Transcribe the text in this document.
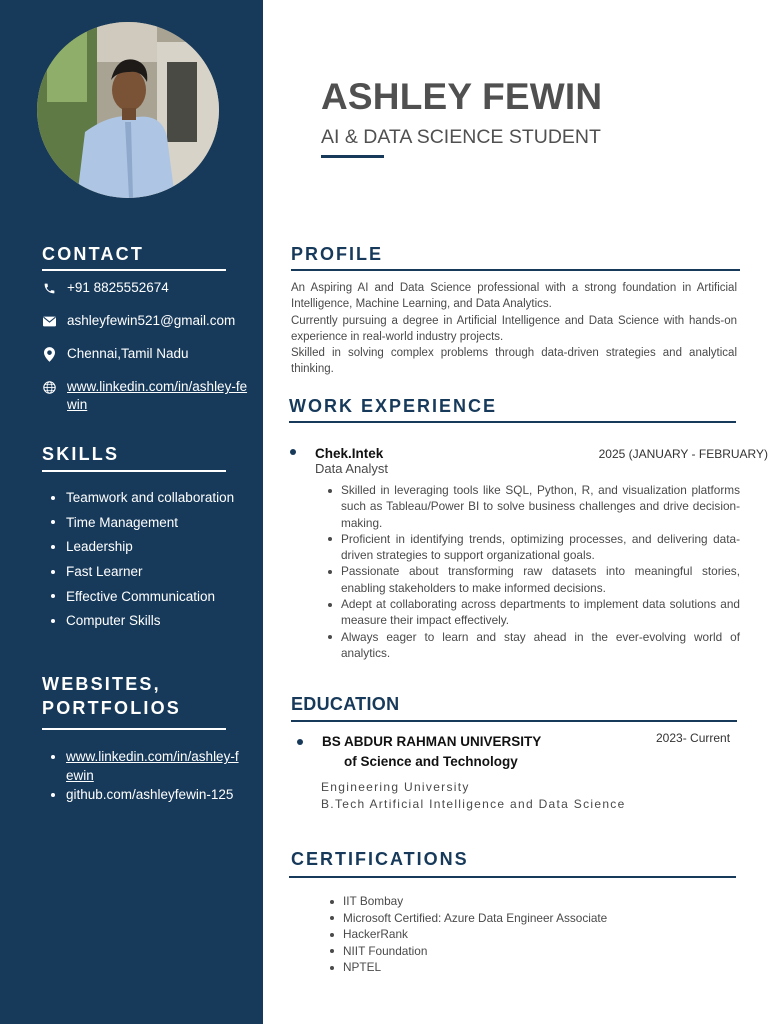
CONTACT
+91 8825552674
ashleyfewin521@gmail.com
Chennai,Tamil Nadu
www.linkedin.com/in/ashley-fewin
SKILLS
Teamwork and collaboration
Time Management
Leadership
Fast Learner
Effective Communication
Computer Skills
WEBSITES,
PORTFOLIOS
www.linkedin.com/in/ashley-fewin
github.com/ashleyfewin-125
ASHLEY FEWIN
AI & DATA SCIENCE STUDENT
PROFILE

An Aspiring AI and Data Science professional with a strong foundation in Artificial Intelligence, Machine Learning, and Data Analytics.

Currently pursuing a degree in Artificial Intelligence and Data Science with hands-on experience in real-world industry projects.

Skilled in solving complex problems through data-driven strategies and analytical thinking.

WORK EXPERIENCE
Chek.Intek
Data Analyst
2025 (JANUARY - FEBRUARY)
Skilled in leveraging tools like SQL, Python, R, and visualization platforms such as Tableau/Power BI to solve business challenges and drive decision-making.
Proficient in identifying trends, optimizing processes, and delivering data-driven strategies to support organizational goals.
Passionate about transforming raw datasets into meaningful stories, enabling stakeholders to make informed decisions.
Adept at collaborating across departments to implement data solutions and measure their impact effectively.
Always eager to learn and stay ahead in the ever-evolving world of analytics.
EDUCATION
BS ABDUR RAHMAN UNIVERSITY
of Science and Technology
2023- Current
Engineering University
B.Tech Artificial Intelligence and Data Science
CERTIFICATIONS
IIT Bombay
Microsoft Certified: Azure Data Engineer Associate
HackerRank
NIIT Foundation
NPTEL
